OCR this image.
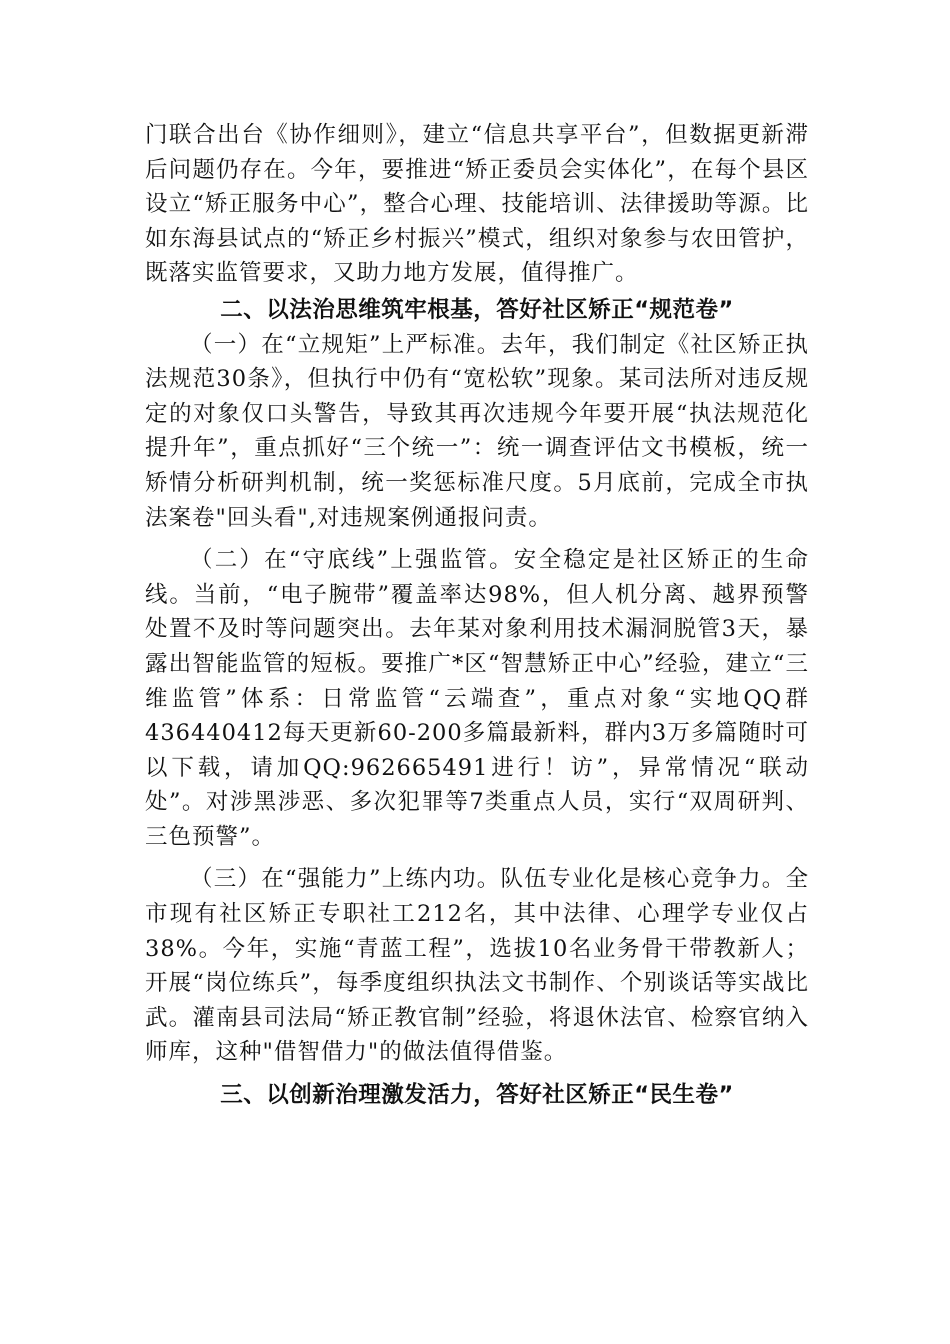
门联合出台《协作细则》，建立“信息共享平台”，但数据更新滞后问题仍存在。今年，要推进“矫正委员会实体化”，在每个县区设立“矫正服务中心”，整合心理、技能培训、法律援助等源。比如东海县试点的“矫正乡村振兴”模式，组织对象参与农田管护，既落实监管要求，又助力地方发展，值得推广。

二、以法治思维筑牢根基，答好社区矫正“规范卷”

（一）在“立规矩”上严标准。去年，我们制定《社区矫正执法规范30条》，但执行中仍有“宽松软”现象。某司法所对违反规定的对象仅口头警告，导致其再次违规今年要开展“执法规范化提升年”，重点抓好“三个统一”：统一调查评估文书模板，统一矫情分析研判机制，统一奖惩标准尺度。5月底前，完成全市执法案卷"回头看",对违规案例通报问责。

（二）在“守底线”上强监管。安全稳定是社区矫正的生命线。当前，“电子腕带”覆盖率达98%，但人机分离、越界预警处置不及时等问题突出。去年某对象利用技术漏洞脱管3天，暴露出智能监管的短板。要推广*区“智慧矫正中心”经验，建立“三维监管”体系：日常监管“云端查”，重点对象“实地QQ群436440412每天更新60-200多篇最新料，群内3万多篇随时可以下载，请加QQ:962665491进行！访”，异常情况“联动处”。对涉黑涉恶、多次犯罪等7类重点人员，实行“双周研判、三色预警”。

（三）在“强能力”上练内功。队伍专业化是核心竞争力。全市现有社区矫正专职社工212名，其中法律、心理学专业仅占38%。今年，实施“青蓝工程”，选拔10名业务骨干带教新人；开展“岗位练兵”，每季度组织执法文书制作、个别谈话等实战比武。灌南县司法局“矫正教官制”经验，将退休法官、检察官纳入师库，这种"借智借力"的做法值得借鉴。

三、以创新治理激发活力，答好社区矫正“民生卷”
